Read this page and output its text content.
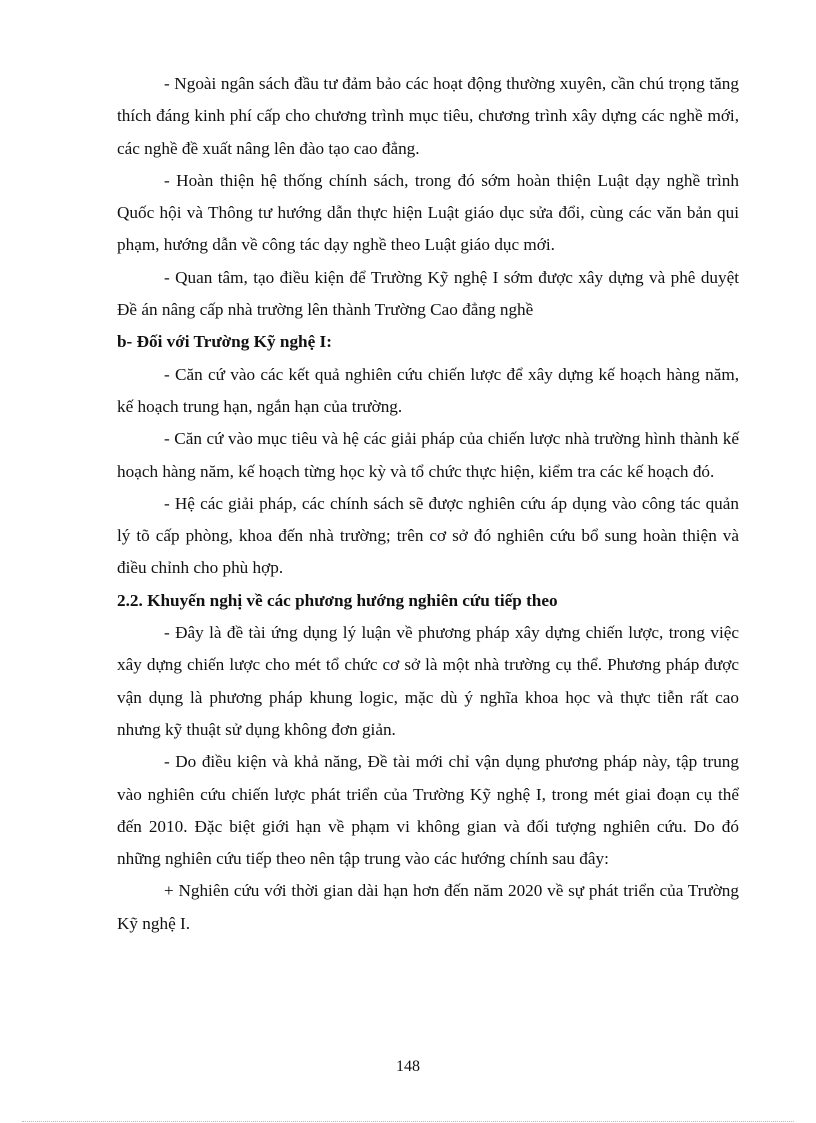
- Ngoài ngân sách đầu tư đảm bảo các hoạt động thường xuyên, cần chú trọng tăng thích đáng kinh phí cấp cho chương trình mục tiêu, chương trình xây dựng các nghề mới, các nghề đề xuất nâng lên đào tạo cao đẳng.

- Hoàn thiện hệ thống chính sách, trong đó sớm hoàn thiện Luật dạy nghề trình Quốc hội và Thông tư hướng dẫn thực hiện Luật giáo dục sửa đổi, cùng các văn bản qui phạm, hướng dẫn về công tác dạy nghề theo Luật giáo dục mới.

- Quan tâm, tạo điều kiện để Trường Kỹ nghệ I sớm được xây dựng và phê duyệt Đề án nâng cấp nhà trường lên thành Trường Cao đẳng nghề

b- Đối với Trường Kỹ nghệ I:

- Căn cứ vào các kết quả nghiên cứu chiến lược để xây dựng kế hoạch hàng năm, kế hoạch trung hạn, ngắn hạn của trường.

- Căn cứ vào mục tiêu và hệ các giải pháp của chiến lược nhà trường hình thành kế hoạch hàng năm, kế hoạch từng học kỳ và tổ chức thực hiện, kiểm tra các kế hoạch đó.

- Hệ các giải pháp, các chính sách sẽ được nghiên cứu áp dụng vào công tác quản lý tõ cấp phòng, khoa đến nhà trường; trên cơ sở đó nghiên cứu bổ sung hoàn thiện và điều chỉnh cho phù hợp.

2.2. Khuyến nghị về các phương hướng nghiên cứu tiếp theo

- Đây là đề tài ứng dụng lý luận về phương pháp xây dựng chiến lược, trong việc xây dựng chiến lược cho mét tổ chức cơ sở là một nhà trường cụ thể. Phương pháp được vận dụng là phương pháp khung logic, mặc dù ý nghĩa khoa học và thực tiễn rất cao nhưng kỹ thuật sử dụng không đơn giản.

- Do điều kiện và khả năng, Đề tài mới chỉ vận dụng phương pháp này, tập trung vào nghiên cứu chiến lược phát triển của Trường Kỹ nghệ I, trong mét giai đoạn cụ thể đến 2010. Đặc biệt giới hạn về phạm vi không gian và đối tượng nghiên cứu. Do đó những nghiên cứu tiếp theo nên tập trung vào các hướng chính sau đây:

+ Nghiên cứu với thời gian dài hạn hơn đến năm 2020 về sự phát triển của Trường Kỹ nghệ I.

148
